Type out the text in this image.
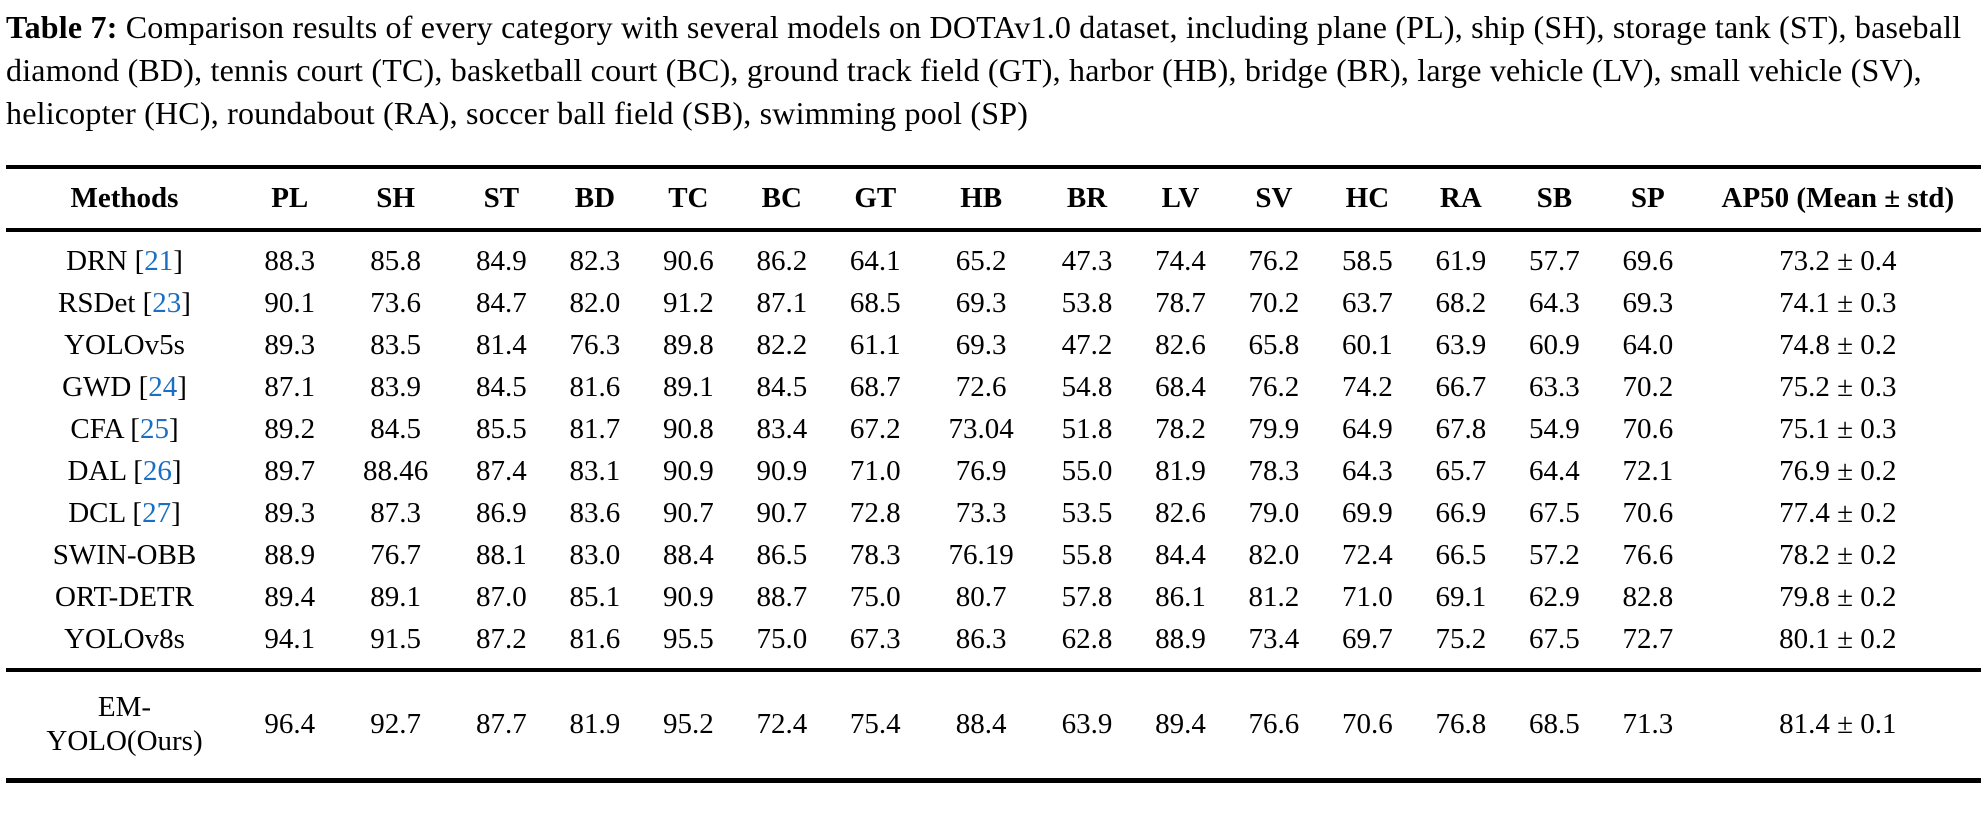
Table 7: Comparison results of every category with several models on DOTAv1.0 dataset, including plane (PL), ship (SH), storage tank (ST), baseball diamond (BD), tennis court (TC), basketball court (BC), ground track field (GT), harbor (HB), bridge (BR), large vehicle (LV), small vehicle (SV), helicopter (HC), roundabout (RA), soccer ball field (SB), swimming pool (SP)

Methods	PL	SH	ST	BD	TC	BC	GT	HB	BR	LV	SV	HC	RA	SB	SP	AP50 (Mean ± std)
DRN [21]	88.3	85.8	84.9	82.3	90.6	86.2	64.1	65.2	47.3	74.4	76.2	58.5	61.9	57.7	69.6	73.2 ± 0.4
RSDet [23]	90.1	73.6	84.7	82.0	91.2	87.1	68.5	69.3	53.8	78.7	70.2	63.7	68.2	64.3	69.3	74.1 ± 0.3
YOLOv5s	89.3	83.5	81.4	76.3	89.8	82.2	61.1	69.3	47.2	82.6	65.8	60.1	63.9	60.9	64.0	74.8 ± 0.2
GWD [24]	87.1	83.9	84.5	81.6	89.1	84.5	68.7	72.6	54.8	68.4	76.2	74.2	66.7	63.3	70.2	75.2 ± 0.3
CFA [25]	89.2	84.5	85.5	81.7	90.8	83.4	67.2	73.04	51.8	78.2	79.9	64.9	67.8	54.9	70.6	75.1 ± 0.3
DAL [26]	89.7	88.46	87.4	83.1	90.9	90.9	71.0	76.9	55.0	81.9	78.3	64.3	65.7	64.4	72.1	76.9 ± 0.2
DCL [27]	89.3	87.3	86.9	83.6	90.7	90.7	72.8	73.3	53.5	82.6	79.0	69.9	66.9	67.5	70.6	77.4 ± 0.2
SWIN-OBB	88.9	76.7	88.1	83.0	88.4	86.5	78.3	76.19	55.8	84.4	82.0	72.4	66.5	57.2	76.6	78.2 ± 0.2
ORT-DETR	89.4	89.1	87.0	85.1	90.9	88.7	75.0	80.7	57.8	86.1	81.2	71.0	69.1	62.9	82.8	79.8 ± 0.2
YOLOv8s	94.1	91.5	87.2	81.6	95.5	75.0	67.3	86.3	62.8	88.9	73.4	69.7	75.2	67.5	72.7	80.1 ± 0.2
EM-
YOLO(Ours)	96.4	92.7	87.7	81.9	95.2	72.4	75.4	88.4	63.9	89.4	76.6	70.6	76.8	68.5	71.3	81.4 ± 0.1
